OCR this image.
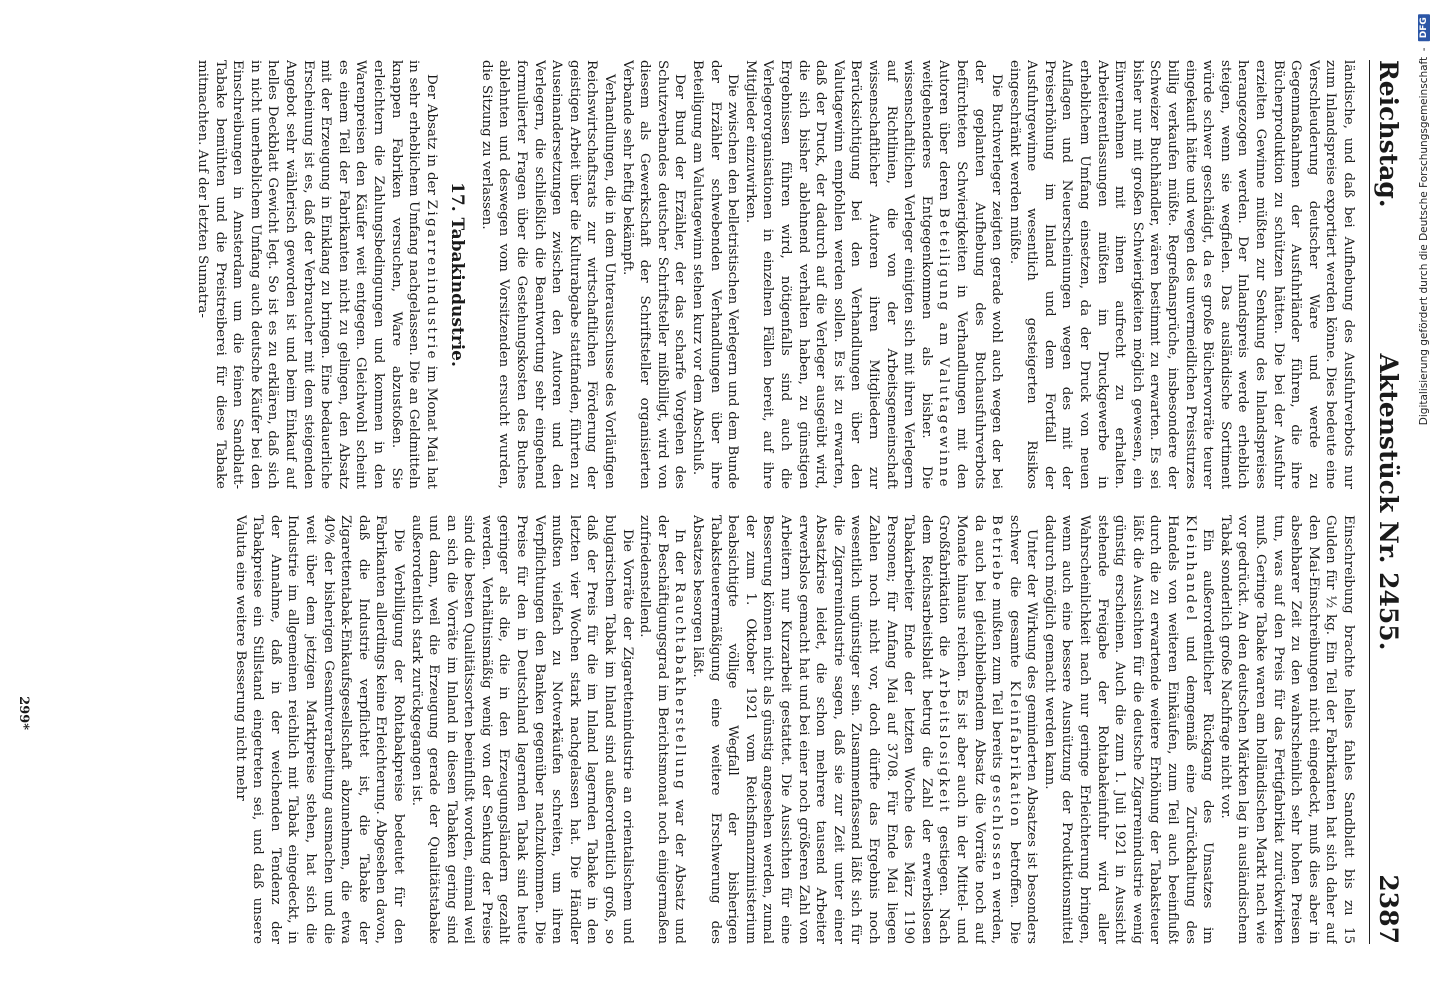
Reichstag.
Aktenstück Nr. 2455.
2387

ländische, und daß bei Aufhebung des Ausfuhrverbots nur zum Inlandspreise exportiert werden könne. Dies bedeute eine Verschleuderung deutscher Ware und werde zu Gegenmaßnahmen der Ausfuhrländer führen, die ihre Bücherproduktion zu schützen hätten. Die bei der Ausfuhr erzielten Gewinne müßten zur Senkung des Inlandspreises herangezogen werden. Der Inlandspreis werde erheblich steigen, wenn sie wegfielen. Das ausländische Sortiment würde schwer geschädigt, da es große Büchervorräte teurer eingekauft hätte und wegen des unvermeidlichen Preissturzes billig verkaufen müßte. Regreßansprüche, insbesondere der Schweizer Buchhändler, wären bestimmt zu erwarten. Es sei bisher nur mit großen Schwierigkeiten möglich gewesen, ein Einvernehmen mit ihnen aufrecht zu erhalten. Arbeiterentlassungen müßten im Druckgewerbe in erheblichem Umfang einsetzen, da der Druck von neuen Auflagen und Neuerscheinungen wegen des mit der Preiserhöhung im Inland und dem Fortfall der Ausfuhrgewinne wesentlich gesteigerten Risikos eingeschränkt werden müßte.

Die Buchverleger zeigten gerade wohl auch wegen der bei der geplanten Aufhebung des Buchausfuhrverbots befürchteten Schwierigkeiten in Verhandlungen mit den Autoren über deren Beteiligung am Valutagewinne weitgehenderes Entgegenkommen als bisher. Die wissenschaftlichen Verleger einigten sich mit ihren Verlegern auf Richtlinien, die von der Arbeitsgemeinschaft wissenschaftlicher Autoren ihren Mitgliedern zur Berücksichtigung bei den Verhandlungen über den Valutagewinn empfohlen werden sollen. Es ist zu erwarten, daß der Druck, der dadurch auf die Verleger ausgeübt wird, die sich bisher ablehnend verhalten haben, zu günstigen Ergebnissen führen wird, nötigenfalls sind auch die Verlegerorganisationen in einzelnen Fällen bereit, auf ihre Mitglieder einzuwirken.

Die zwischen den belletristischen Verlegern und dem Bunde der Erzähler schwebenden Verhandlungen über ihre Beteiligung am Valutagewinn stehen kurz vor dem Abschluß.

Der Bund der Erzähler, der das scharfe Vorgehen des Schutzverbandes deutscher Schriftsteller mißbilligt, wird von diesem als Gewerkschaft der Schriftsteller organisierten Verbande sehr heftig bekämpft.

Verhandlungen, die in dem Unterausschusse des Vorläufigen Reichswirtschaftsrats zur wirtschaftlichen Förderung der geistigen Arbeit über die Kulturabgabe stattfanden, führten zu Auseinandersetzungen zwischen den Autoren und den Verlegern, die schließlich die Beantwortung sehr eingehend formulierter Fragen über die Gestehungskosten des Buches ablehnten und deswegen vom Vorsitzenden ersucht wurden, die Sitzung zu verlassen.

17. Tabakindustrie.

Der Absatz in der Zigarrenindustrie im Monat Mai hat in sehr erheblichem Umfang nachgelassen. Die an Geldmitteln knappen Fabriken versuchen, Ware abzustoßen. Sie erleichtern die Zahlungsbedingungen und kommen in den Warenpreisen den Käufer weit entgegen. Gleichwohl scheint es einem Teil der Fabrikanten nicht zu gelingen, den Absatz mit der Erzeugung in Einklang zu bringen. Eine bedauerliche Erscheinung ist es, daß der Verbraucher mit dem steigenden Angebot sehr wählerisch geworden ist und beim Einkauf auf helles Deckblatt Gewicht legt. So ist es zu erklären, daß sich in nicht unerheblichem Umfang auch deutsche Käufer bei den Einschreibungen in Amsterdam um die feinen Sandblatt-Tabake bemühten und die Preistreiberei für diese Tabake mitmachten. Auf der letzten Sumatra-

Einschreibung brachte helles fahles Sandblatt bis zu 15 Gulden für ½ kg. Ein Teil der Fabrikanten hat sich daher auf den Mai-Einschreibungen nicht eingedeckt, muß dies aber in absehbarer Zeit zu den wahrscheinlich sehr hohen Preisen tun, was auf den Preis für das Fertigfabrikat zurückwirken muß. Geringe Tabake waren am holländischen Markt nach wie vor gedrückt. An den deutschen Märkten lag in ausländischem Tabak sonderlich große Nachfrage nicht vor.

Ein außerordentlicher Rückgang des Umsatzes im Kleinhandel und demgemäß eine Zurückhaltung des Handels von weiteren Einkäufen, zum Teil auch beeinflußt durch die zu erwartende weitere Erhöhung der Tabaksteuer läßt die Aussichten für die deutsche Zigarrenindustrie wenig günstig erscheinen. Auch die zum 1. Juli 1921 in Aussicht stehende Freigabe der Rohtabakeinfuhr wird aller Wahrscheinlichkeit nach nur geringe Erleichterung bringen, wenn auch eine bessere Ausnützung der Produktionsmittel dadurch möglich gemacht werden kann.

Unter der Wirkung des geminderten Absatzes ist besonders schwer die gesamte Kleinfabrikation betroffen. Die Betriebe mußten zum Teil bereits geschlossen werden, da auch bei gleichbleibendem Absatz die Vorräte noch auf Monate hinaus reichen. Es ist aber auch in der Mittel- und Großfabrikation die Arbeitslosigkeit gestiegen. Nach dem Reichsarbeitsblatt betrug die Zahl der erwerbslosen Tabakarbeiter Ende der letzten Woche des März 1190 Personen; für Anfang Mai auf 3708. Für Ende Mai liegen Zahlen noch nicht vor, doch dürfte das Ergebnis noch wesentlich ungünstiger sein. Zusammenfassend läßt sich für die Zigarrenindustrie sagen, daß sie zur Zeit unter einer Absatzkrise leidet, die schon mehrere tausend Arbeiter erwerbslos gemacht hat und bei einer noch größeren Zahl von Arbeitern nur Kurzarbeit gestattet. Die Aussichten für eine Besserung können nicht als günstig angesehen werden, zumal der zum 1. Oktober 1921 vom Reichsfinanzministerium beabsichtigte völlige Wegfall der bisherigen Tabaksteuerermäßigung eine weitere Erschwerung des Absatzes besorgen läßt.

In der Rauchtabakherstellung war der Absatz und der Beschäftigungsgrad im Berichtsmonat noch einigermaßen zufriedenstellend.

Die Vorräte der Zigarettenindustrie an orientalischem und bulgarischem Tabak im Inland sind außerordentlich groß, so daß der Preis für die im Inland lagernden Tabake in den letzten vier Wochen stark nachgelassen hat. Die Händler mußten vielfach zu Notverkäufen schreiten, um ihren Verpflichtungen den Banken gegenüber nachzukommen. Die Preise für den in Deutschland lagernden Tabak sind heute geringer als die, die in den Erzeugungsländern gezahlt werden. Verhältnismäßig wenig von der Senkung der Preise sind die besten Qualitätssorten beeinflußt worden, einmal weil an sich die Vorräte im Inland in diesen Tabaken gering sind und dann, weil die Erzeugung gerade der Qualitätstabake außerordentlich stark zurückgegangen ist.

Die Verbilligung der Rohtabakpreise bedeutet für den Fabrikanten allerdings keine Erleichterung. Abgesehen davon, daß die Industrie verpflichtet ist, die Tabake der Zigarettentabak-Einkaufsgesellschaft abzunehmen, die etwa 40% der bisherigen Gesamtverarbeitung ausmachen und die weit über dem jetzigen Marktpreise stehen, hat sich die Industrie im allgemeinen reichlich mit Tabak eingedeckt, in der Annahme, daß in der weichenden Tendenz der Tabakpreise ein Stillstand eingetreten sei, und daß unsere Valuta eine weitere Besserung nicht mehr

299*
Digitalisierung gefördert durch die Deutsche Forschungsgemeinschaft
-
DFG
